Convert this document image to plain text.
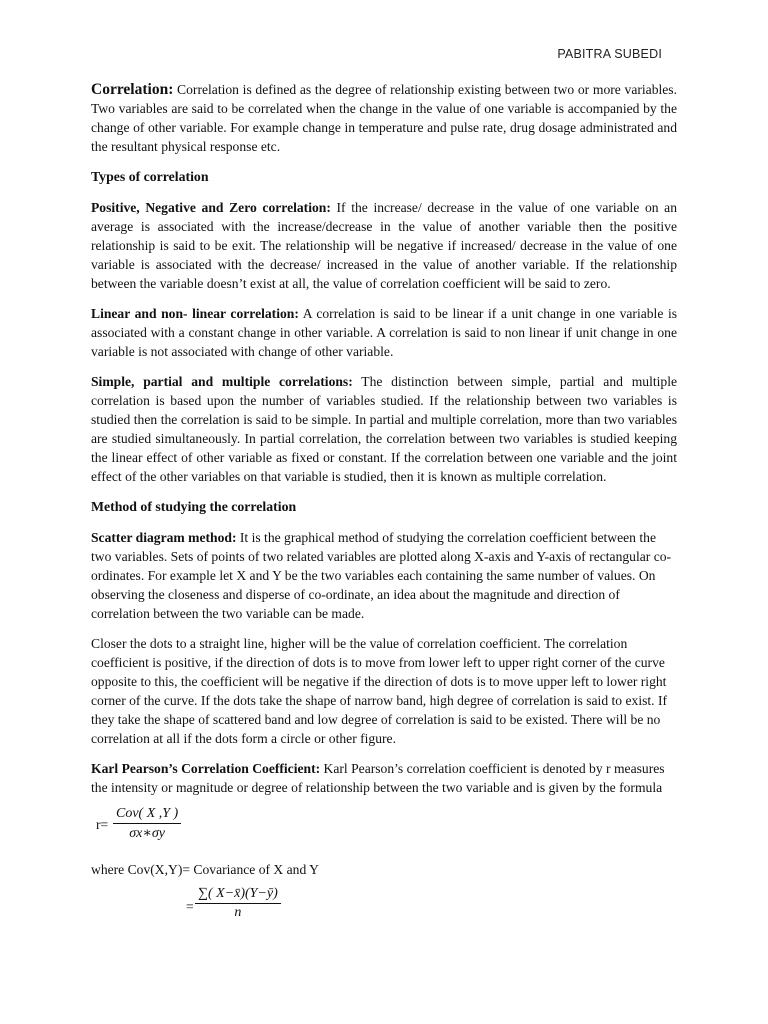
PABITRA SUBEDI

Correlation: Correlation is defined as the degree of relationship existing between two or more variables. Two variables are said to be correlated when the change in the value of one variable is accompanied by the change of other variable. For example change in temperature and pulse rate, drug dosage administrated and the resultant physical response etc.

Types of correlation

Positive, Negative and Zero correlation: If the increase/ decrease in the value of one variable on an average is associated with the increase/decrease in the value of another variable then the positive relationship is said to be exit. The relationship will be negative if increased/ decrease in the value of one variable is associated with the decrease/ increased in the value of another variable. If the relationship between the variable doesn’t exist at all, the value of correlation coefficient will be said to zero.

Linear and non- linear correlation: A correlation is said to be linear if a unit change in one variable is associated with a constant change in other variable. A correlation is said to non linear if unit change in one variable is not associated with change of other variable.

Simple, partial and multiple correlations: The distinction between simple, partial and multiple correlation is based upon the number of variables studied. If the relationship between two variables is studied then the correlation is said to be simple. In partial and multiple correlation, more than two variables are studied simultaneously. In partial correlation, the correlation between two variables is studied keeping the linear effect of other variable as fixed or constant. If the correlation between one variable and the joint effect of the other variables on that variable is studied, then it is known as multiple correlation.

Method of studying the correlation

Scatter diagram method: It is the graphical method of studying the correlation coefficient between the two variables. Sets of points of two related variables are plotted along X-axis and Y-axis of rectangular co-ordinates. For example let X and Y be the two variables each containing the same number of values. On observing the closeness and disperse of co-ordinate, an idea about the magnitude and direction of correlation between the two variable can be made.

Closer the dots to a straight line, higher will be the value of correlation coefficient. The correlation coefficient is positive, if the direction of dots is to move from lower left to upper right corner of the curve opposite to this, the coefficient will be negative if the direction of dots is to move upper left to lower right corner of the curve. If the dots take the shape of narrow band, high degree of correlation is said to exist. If they take the shape of scattered band and low degree of correlation is said to be existed. There will be no correlation at all if the dots form a circle or other figure.

Karl Pearson’s Correlation Coefficient: Karl Pearson’s correlation coefficient is denoted by r measures the intensity or magnitude or degree of relationship between the two variable and is given by the formula

r=
Cov( X ,Y )
σx∗σy
where Cov(X,Y)= Covariance of X and Y
=
∑( X−x̄)(Y−ȳ)
n
